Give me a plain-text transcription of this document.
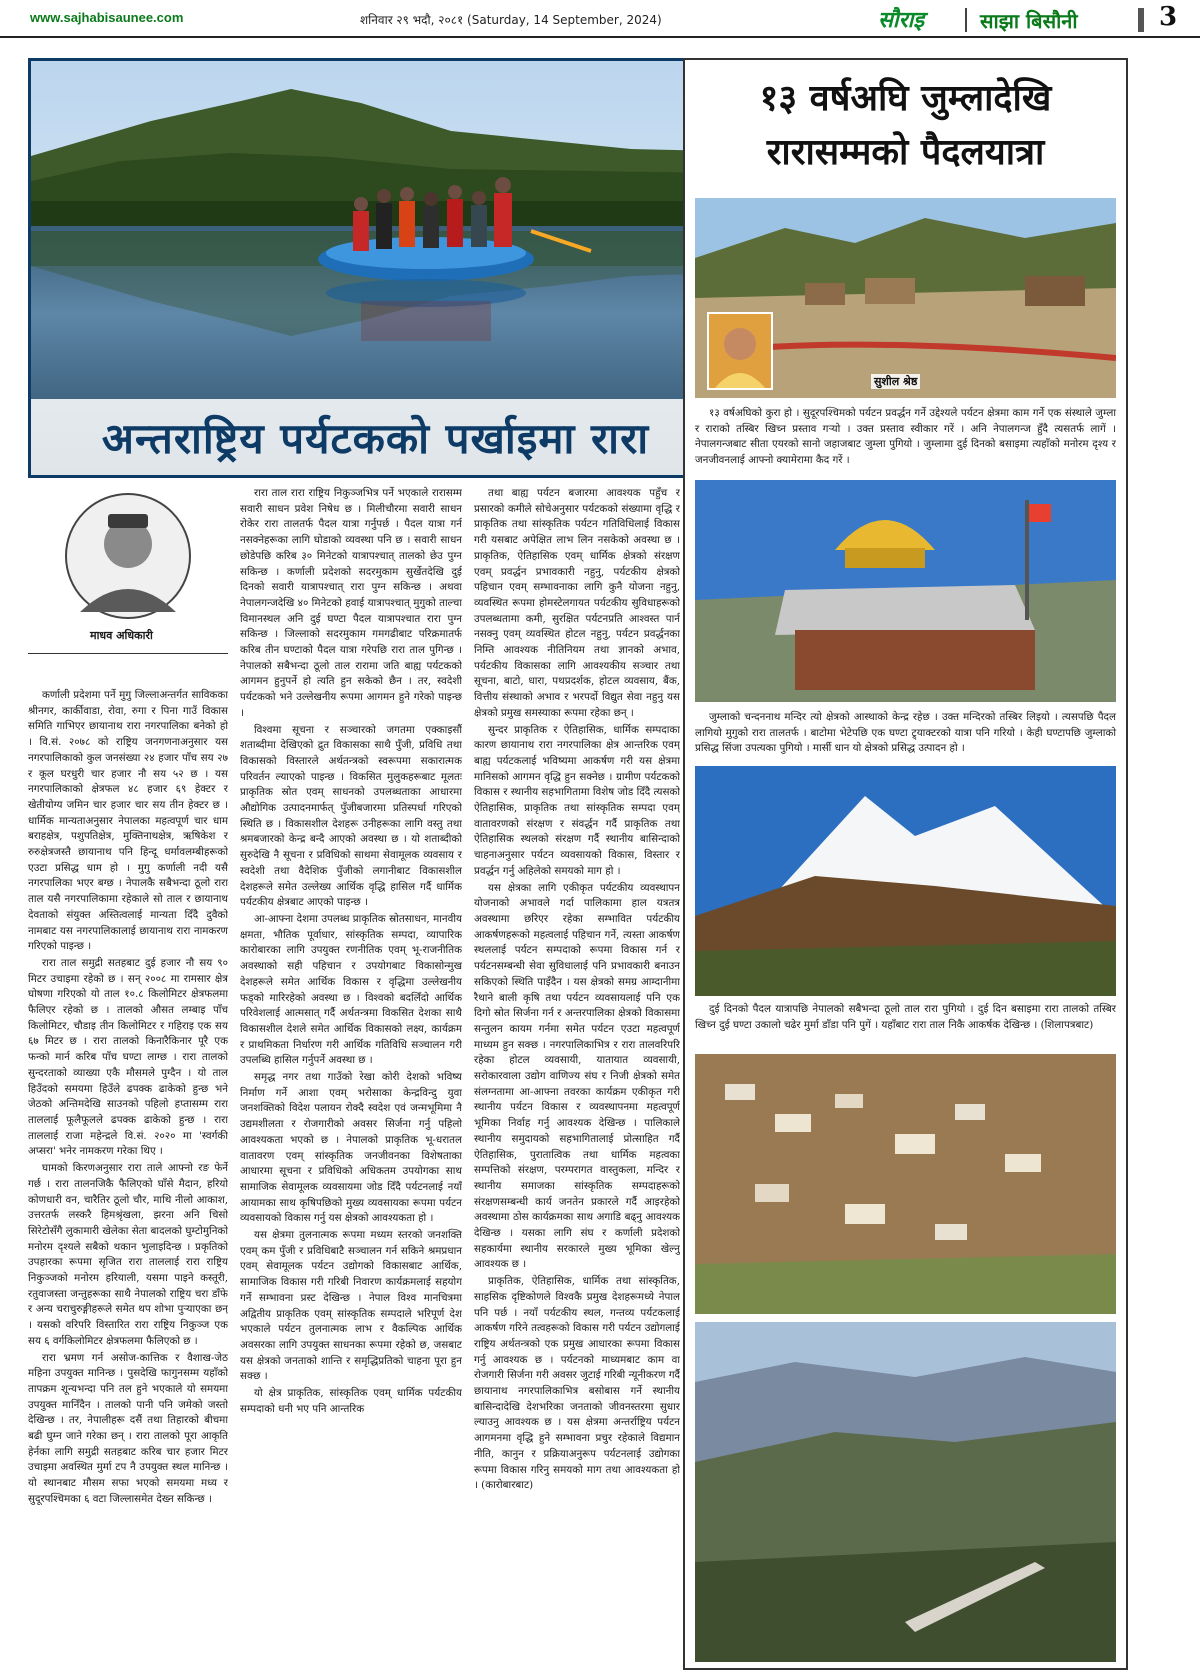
www.sajhabisaunee.com	शनिवार २९ भदौ, २०८१ (Saturday, 14 September, 2024)	सौराइ	साझा बिसौनी	3
अन्तराष्ट्रिय पर्यटकको पर्खाइमा रारा
माधव अधिकारी

कर्णाली प्रदेशमा पर्ने मुगु जिल्लाअन्तर्गत साविकका श्रीनगर, कार्कीवाडा, रोवा, रुगा र पिना गाउँ विकास समिति गाभिएर छायानाथ रारा नगरपालिका बनेको हो । वि.सं. २०७८ को राष्ट्रिय जनगणनाअनुसार यस नगरपालिकाको कुल जनसंख्या २४ हजार पाँच सय २७ र कूल घरधुरी चार हजार नौ सय ५२ छ । यस नगरपालिकाको क्षेत्रफल ४८ हजार ६९ हेक्टर र खेतीयोग्य जमिन चार हजार चार सय तीन हेक्टर छ । धार्मिक मान्यताअनुसार नेपालका महत्वपूर्ण चार धाम बराहक्षेत्र, पशुपतिक्षेत्र, मुक्तिनाथक्षेत्र, ऋषिकेश र रुरुक्षेत्रजस्तै छायानाथ पनि हिन्दू धर्मावलम्बीहरूको एउटा प्रसिद्ध धाम हो । मुगु कर्णाली नदी यसै नगरपालिका भएर बग्छ । नेपालकै सबैभन्दा ठूलो रारा ताल यसै नगरपालिकामा रहेकाले सो ताल र छायानाथ देवताको संयुक्त अस्तित्वलाई मान्यता दिँदै दुवैको नामबाट यस नगरपालिकालाई छायानाथ रारा नामकरण गरिएको पाइन्छ ।

रारा ताल समुद्री सतहबाट दुई हजार नौ सय ९० मिटर उचाइमा रहेको छ । सन् २००८ मा रामसार क्षेत्र घोषणा गरिएको यो ताल १०.८ किलोमिटर क्षेत्रफलमा फैलिएर रहेको छ । तालको औसत लम्बाइ पाँच किलोमिटर, चौडाइ तीन किलोमिटर र गहिराइ एक सय ६७ मिटर छ । रारा तालको किनारैकिनार पूरै एक फन्को मार्न करिब पाँच घण्टा लाग्छ । रारा तालको सुन्दरताको व्याख्या एकै मौसमले पुग्दैन । यो ताल हिउँदको समयमा हिउँले ढपक्क ढाकेको हुन्छ भने जेठको अन्तिमदेखि साउनको पहिलो हप्तासम्म रारा ताललाई फूलैफूलले ढपक्क ढाकेको हुन्छ । रारा ताललाई राजा महेन्द्रले वि.सं. २०२० मा 'स्वर्गकी अप्सरा' भनेर नामकरण गरेका थिए ।

घामको किरणअनुसार रारा ताले आफ्नो रङ फेर्ने गर्छ । रारा तालनजिकै फैलिएको घाँसे मैदान, हरियो कोणधारी वन, चारैतिर ठूलो चौर, माथि नीलो आकाश, उत्तरतर्फ लस्करै हिमश्रृंखला, झरना अनि चिसो सिरेटोसँगै लुकामारी खेलेका सेता बादलको घुम्टोमुनिको मनोरम दृश्यले सबैको थकान भुलाइदिन्छ । प्रकृतिको उपहारका रूपमा सृजित रारा ताललाई रारा राष्ट्रिय निकुञ्जको मनोरम हरियाली, यसमा पाइने कस्तूरी, रतुवाजस्ता जन्तुहरूका साथै नेपालको राष्ट्रिय चरा डाँफे र अन्य चराचुरुङ्गीहरूले समेत थप शोभा पुऱ्याएका छन् । यसको वरिपरि विस्तारित रारा राष्ट्रिय निकुञ्ज एक सय ६ वर्गकिलोमिटर क्षेत्रफलमा फैलिएको छ ।

रारा भ्रमण गर्न असोज-कात्तिक र वैशाख-जेठ महिना उपयुक्त मानिन्छ । पुसदेखि फागुनसम्म यहाँको तापक्रम शून्यभन्दा पनि तल हुने भएकाले यो समयमा उपयुक्त मानिँदैन । तालको पानी पनि जमेको जस्तो देखिन्छ । तर, नेपालीहरू दसैं तथा तिहारको बीचमा बढी घुम्न जाने गरेका छन् । रारा तालको पूरा आकृति हेर्नका लागि समुद्री सतहबाट करिब चार हजार मिटर उचाइमा अवस्थित मुर्मा टप नै उपयुक्त स्थल मानिन्छ । यो स्थानबाट मौसम सफा भएको समयमा मध्य र सुदूरपश्चिमका ६ वटा जिल्लासमेत देख्न सकिन्छ ।

रारा ताल रारा राष्ट्रिय निकुञ्जभित्र पर्ने भएकाले रारासम्म सवारी साधन प्रवेश निषेध छ । मिलीचौरमा सवारी साधन रोकेर रारा तालतर्फ पैदल यात्रा गर्नुपर्छ । पैदल यात्रा गर्न नसक्नेहरूका लागि घोडाको व्यवस्था पनि छ । सवारी साधन छोडेपछि करिब ३० मिनेटको यात्रापश्चात् तालको छेउ पुग्न सकिन्छ । कर्णाली प्रदेशको सदरमुकाम सुर्खेतदेखि दुई दिनको सवारी यात्रापश्चात् रारा पुग्न सकिन्छ । अथवा नेपालगन्जदेखि ४० मिनेटको हवाई यात्रापश्चात् मुगुको ताल्चा विमानस्थल अनि दुई घण्टा पैदल यात्रापश्चात रारा पुग्न सकिन्छ । जिल्लाको सदरमुकाम गमगढीबाट परिक्रमातर्फ करिब तीन घण्टाको पैदल यात्रा गरेपछि रारा ताल पुगिन्छ । नेपालको सबैभन्दा ठूलो ताल रारामा जति बाह्य पर्यटकको आगमन हुनुपर्ने हो त्यति हुन सकेको छैन । तर, स्वदेशी पर्यटकको भने उल्लेखनीय रूपमा आगमन हुने गरेको पाइन्छ ।

विश्वमा सूचना र सञ्चारको जगतमा एक्काइसौं शताब्दीमा देखिएको द्रुत विकासका साथै पुँजी, प्रविधि तथा विकासको विस्तारले अर्थतन्त्रको स्वरूपमा सकारात्मक परिवर्तन ल्याएको पाइन्छ । विकसित मुलुकहरूबाट मूलतः प्राकृतिक स्रोत एवम् साधनको उपलब्धताका आधारमा औद्योगिक उत्पादनमार्फत् पुँजीबजारमा प्रतिस्पर्धा गरिएको स्थिति छ । विकासशील देशहरू उनीहरूका लागि वस्तु तथा श्रमबजारको केन्द्र बन्दै आएको अवस्था छ । यो शताब्दीको सुरुदेखि नै सूचना र प्रविधिको साथमा सेवामूलक व्यवसाय र स्वदेशी तथा वैदेशिक पुँजीको लगानीबाट विकासशील देशहरूले समेत उल्लेख्य आर्थिक वृद्धि हासिल गर्दै धार्मिक पर्यटकीय क्षेत्रबाट आएको पाइन्छ ।

आ-आफ्ना देशमा उपलब्ध प्राकृतिक स्रोतसाधन, मानवीय क्षमता, भौतिक पूर्वाधार, सांस्कृतिक सम्पदा, व्यापारिक कारोबारका लागि उपयुक्त रणनीतिक एवम् भू-राजनीतिक अवस्थाको सही पहिचान र उपयोगबाट विकासोन्मुख देशहरूले समेत आर्थिक विकास र वृद्धिमा उल्लेखनीय फड्को मारिरहेको अवस्था छ । विश्वको बदलिँदो आर्थिक परिवेशलाई आत्मसात् गर्दै अर्थतन्त्रमा विकसित देशका साथै विकासशील देशले समेत आर्थिक विकासको लक्ष्य, कार्यक्रम र प्राथमिकता निर्धारण गरी आर्थिक गतिविधि सञ्चालन गरी उपलब्धि हासिल गर्नुपर्ने अवस्था छ ।

समृद्ध नगर तथा गाउँको रेखा कोरी देशको भविष्य निर्माण गर्ने आशा एवम् भरोसाका केन्द्रविन्दु युवा जनशक्तिको विदेश पलायन रोक्दै स्वदेश एवं जन्मभूमिमा नै उद्यमशीलता र रोजगारीको अवसर सिर्जना गर्नु पहिलो आवश्यकता भएको छ । नेपालको प्राकृतिक भू-धरातल वातावरण एवम् सांस्कृतिक जनजीवनका विशेषताका आधारमा सूचना र प्रविधिको अधिकतम उपयोगका साथ सामाजिक सेवामूलक व्यवसायमा जोड दिँदै पर्यटनलाई नयाँ आयामका साथ कृषिपछिको मुख्य व्यवसायका रूपमा पर्यटन व्यवसायको विकास गर्नु यस क्षेत्रको आवश्यकता हो ।

यस क्षेत्रमा तुलनात्मक रूपमा मध्यम स्तरको जनशक्ति एवम् कम पुँजी र प्रविधिबाटै सञ्चालन गर्न सकिने श्रमप्रधान एवम् सेवामूलक पर्यटन उद्योगको विकासबाट आर्थिक, सामाजिक विकास गरी गरिबी निवारण कार्यक्रमलाई सहयोग गर्ने सम्भावना प्रस्ट देखिन्छ । नेपाल विश्व मानचित्रमा अद्वितीय प्राकृतिक एवम् सांस्कृतिक सम्पदाले भरिपूर्ण देश भएकाले पर्यटन तुलनात्मक लाभ र वैकल्पिक आर्थिक अवसरका लागि उपयुक्त साधनका रूपमा रहेको छ, जसबाट यस क्षेत्रको जनताको शान्ति र समृद्धिप्रतिको चाहना पूरा हुन सक्छ ।

यो क्षेत्र प्राकृतिक, सांस्कृतिक एवम् धार्मिक पर्यटकीय सम्पदाको धनी भए पनि आन्तरिक

तथा बाह्य पर्यटन बजारमा आवश्यक पहुँच र प्रसारको कमीले सोचेअनुसार पर्यटकको संख्यामा वृद्धि र प्राकृतिक तथा सांस्कृतिक पर्यटन गतिविधिलाई विकास गरी यसबाट अपेक्षित लाभ लिन नसकेको अवस्था छ । प्राकृतिक, ऐतिहासिक एवम् धार्मिक क्षेत्रको संरक्षण एवम् प्रवर्द्धन प्रभावकारी नहुनु, पर्यटकीय क्षेत्रको पहिचान एवम् सम्भावनाका लागि कुनै योजना नहुनु, व्यवस्थित रूपमा होमस्टेलगायत पर्यटकीय सुविधाहरूको उपलब्धतामा कमी, सुरक्षित पर्यटनप्रति आश्वस्त पार्न नसक्नु एवम् व्यवस्थित होटल नहुनु, पर्यटन प्रवर्द्धनका निम्ति आवश्यक नीतिनियम तथा ज्ञानको अभाव, पर्यटकीय विकासका लागि आवश्यकीय सञ्चार तथा सूचना, बाटो, धारा, पथप्रदर्शक, होटल व्यवसाय, बैंक, वित्तीय संस्थाको अभाव र भरपर्दो विद्युत सेवा नहुनु यस क्षेत्रको प्रमुख समस्याका रूपमा रहेका छन् ।

सुन्दर प्राकृतिक र ऐतिहासिक, धार्मिक सम्पदाका कारण छायानाथ रारा नगरपालिका क्षेत्र आन्तरिक एवम् बाह्य पर्यटकलाई भविष्यमा आकर्षण गरी यस क्षेत्रमा मानिसको आगमन वृद्धि हुन सक्नेछ । ग्रामीण पर्यटकको विकास र स्थानीय सहभागितामा विशेष जोड दिँदै त्यसको ऐतिहासिक, प्राकृतिक तथा सांस्कृतिक सम्पदा एवम् वातावरणको संरक्षण र संवर्द्धन गर्दै प्राकृतिक तथा ऐतिहासिक स्थलको संरक्षण गर्दै स्थानीय बासिन्दाको चाहनाअनुसार पर्यटन व्यवसायको विकास, विस्तार र प्रवर्द्धन गर्नु अहिलेको समयको माग हो ।

यस क्षेत्रका लागि एकीकृत पर्यटकीय व्यवस्थापन योजनाको अभावले गर्दा पालिकामा हाल यत्रतत्र अवस्थामा छरिएर रहेका सम्भावित पर्यटकीय आकर्षणहरूको महत्वलाई पहिचान गर्ने, त्यस्ता आकर्षण स्थललाई पर्यटन सम्पदाको रूपमा विकास गर्न र पर्यटनसम्बन्धी सेवा सुविधालाई पनि प्रभावकारी बनाउन सकिएको स्थिति पाइँदैन । यस क्षेत्रको समग्र आम्दानीमा रैथाने बाली कृषि तथा पर्यटन व्यवसायलाई पनि एक दिगो स्रोत सिर्जना गर्न र अन्तरपालिका क्षेत्रको विकासमा सन्तुलन कायम गर्नमा समेत पर्यटन एउटा महत्वपूर्ण माध्यम हुन सक्छ । नगरपालिकाभित्र र रारा तालवरिपरि रहेका होटल व्यवसायी, यातायात व्यवसायी, सरोकारवाला उद्योग वाणिज्य संघ र निजी क्षेत्रको समेत संलग्नतामा आ-आफ्ना तवरका कार्यक्रम एकीकृत गरी स्थानीय पर्यटन विकास र व्यवस्थापनमा महत्वपूर्ण भूमिका निर्वाह गर्नु आवश्यक देखिन्छ । पालिकाले स्थानीय समुदायको सहभागितालाई प्रोत्साहित गर्दै ऐतिहासिक, पुरातात्विक तथा धार्मिक महत्वका सम्पत्तिको संरक्षण, परम्परागत वास्तुकला, मन्दिर र स्थानीय समाजका सांस्कृतिक सम्पदाहरूको संरक्षणसम्बन्धी कार्य जनतेन प्रकारले गर्दै आइरहेको अवस्थामा ठोस कार्यक्रमका साथ अगाडि बढ्नु आवश्यक देखिन्छ । यसका लागि संघ र कर्णाली प्रदेशको सहकार्यमा स्थानीय सरकारले मुख्य भूमिका खेल्नु आवश्यक छ ।

प्राकृतिक, ऐतिहासिक, धार्मिक तथा सांस्कृतिक, साहसिक दृष्टिकोणले विश्वकै प्रमुख देशहरूमध्ये नेपाल पनि पर्छ । नयाँ पर्यटकीय स्थल, गन्तव्य पर्यटकलाई आकर्षण गरिने तत्वहरूको विकास गरी पर्यटन उद्योगलाई राष्ट्रिय अर्थतन्त्रको एक प्रमुख आधारका रूपमा विकास गर्नु आवश्यक छ । पर्यटनको माध्यमबाट काम वा रोजगारी सिर्जना गरी अवसर जुटाई गरिबी न्यूनीकरण गर्दै छायानाथ नगरपालिकाभित्र बसोबास गर्ने स्थानीय बासिन्दादेखि देशभरिका जनताको जीवनस्तरमा सुधार ल्याउनु आवश्यक छ । यस क्षेत्रमा अन्तर्राष्ट्रिय पर्यटन आगमनमा वृद्धि हुने सम्भावना प्रचुर रहेकाले विद्यमान नीति, कानुन र प्रक्रियाअनुरूप पर्यटनलाई उद्योगका रूपमा विकास गरिनु समयको माग तथा आवश्यकता हो । (कारोबारबाट)

१३ वर्षअघि जुम्लादेखि रारासम्मको पैदलयात्रा
सुशील श्रेष्ठ
१३ वर्षअघिको कुरा हो । सुदूरपश्चिमको पर्यटन प्रवर्द्धन गर्ने उद्देश्यले पर्यटन क्षेत्रमा काम गर्ने एक संस्थाले जुम्ला र राराको तस्बिर खिच्न प्रस्ताव गऱ्यो । उक्त प्रस्ताव स्वीकार गरें । अनि नेपालगन्ज हुँदै त्यसतर्फ लागें । नेपालगन्जबाट सीता एयरको सानो जहाजबाट जुम्ला पुगियो । जुम्लामा दुई दिनको बसाइमा त्यहाँको मनोरम दृश्य र जनजीवनलाई आफ्नो क्यामेरामा कैद गरें ।
जुम्लाको चन्दननाथ मन्दिर त्यो क्षेत्रको आस्थाको केन्द्र रहेछ । उक्त मन्दिरको तस्बिर लिइयो । त्यसपछि पैदल लागियो मुगुको रारा तालतर्फ । बाटोमा भेटेपछि एक घण्टा ट्र्याक्टरको यात्रा पनि गरियो । केही घण्टापछि जुम्लाको प्रसिद्ध सिंजा उपत्यका पुगियो । मार्सी धान यो क्षेत्रको प्रसिद्ध उत्पादन हो ।
दुई दिनको पैदल यात्रापछि नेपालको सबैभन्दा ठूलो ताल रारा पुगियो । दुई दिन बसाइमा रारा तालको तस्बिर खिच्न दुई घण्टा उकालो चढेर मुर्मा डाँडा पनि पुगें । यहाँबाट रारा ताल निकै आकर्षक देखिन्छ । (शिलापत्रबाट)
